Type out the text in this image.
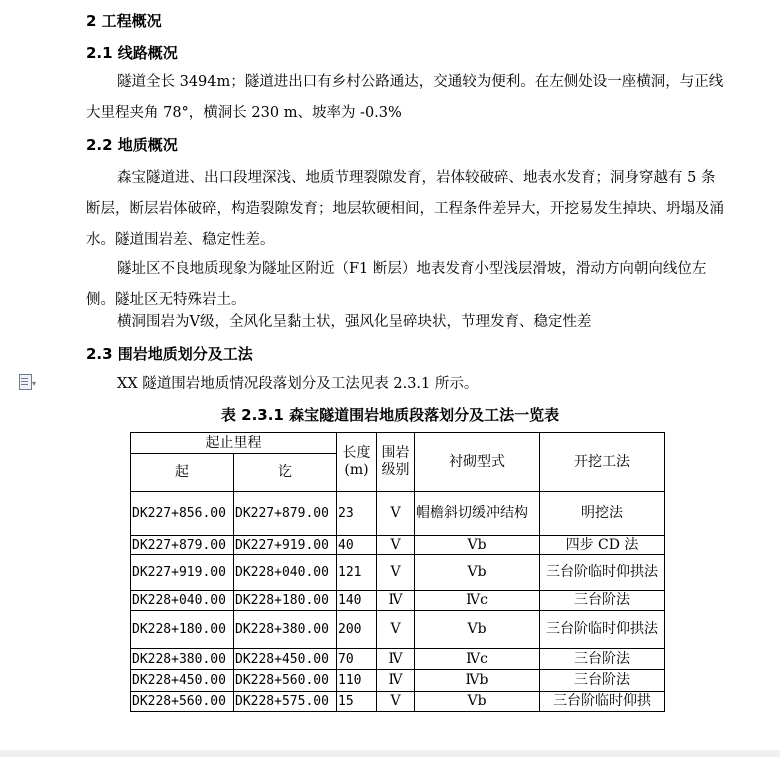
2 工程概况
2.1 线路概况
隧道全长 3494m；隧道进出口有乡村公路通达，交通较为便利。在左侧处设一座横洞，与正线大里程夹角 78°，横洞长 230 m、坡率为 -0.3%
2.2 地质概况
森宝隧道进、出口段埋深浅、地质节理裂隙发育，岩体较破碎、地表水发育；洞身穿越有 5 条断层，断层岩体破碎，构造裂隙发育；地层软硬相间，工程条件差异大，开挖易发生掉块、坍塌及涌水。隧道围岩差、稳定性差。
隧址区不良地质现象为隧址区附近（F1 断层）地表发育小型浅层滑坡，滑动方向朝向线位左侧。隧址区无特殊岩土。
横洞围岩为Ⅴ级，全风化呈黏土状，强风化呈碎块状，节理发育、稳定性差
2.3 围岩地质划分及工法
▾	XX 隧道围岩地质情况段落划分及工法见表 2.3.1 所示。
表 2.3.1 森宝隧道围岩地质段落划分及工法一览表
起止里程		长度(m)	围岩级别	衬砌型式	开挖工法
起	讫				
DK227+856.00	DK227+879.00	23	Ⅴ	帽檐斜切缓冲结构	明挖法
DK227+879.00	DK227+919.00	40	Ⅴ	Ⅴb	四步 CD 法
DK227+919.00	DK228+040.00	121	Ⅴ	Ⅴb	三台阶临时仰拱法
DK228+040.00	DK228+180.00	140	Ⅳ	Ⅳc	三台阶法
DK228+180.00	DK228+380.00	200	Ⅴ	Ⅴb	三台阶临时仰拱法
DK228+380.00	DK228+450.00	70	Ⅳ	Ⅳc	三台阶法
DK228+450.00	DK228+560.00	110	Ⅳ	Ⅳb	三台阶法
DK228+560.00	DK228+575.00	15	Ⅴ	Ⅴb	三台阶临时仰拱
